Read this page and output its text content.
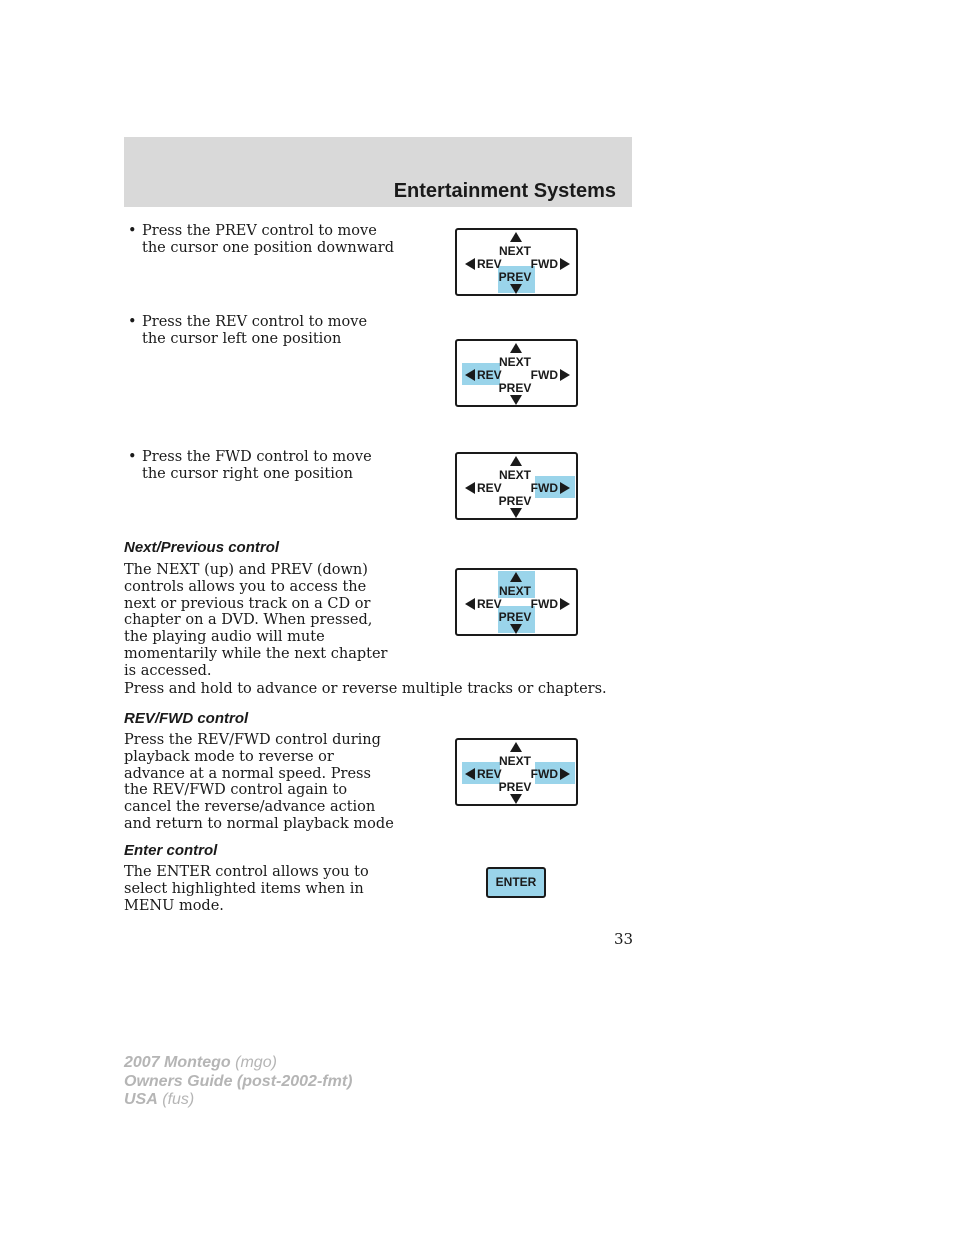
Entertainment Systems
• Press the PREV control to move
the cursor one position downward	NEXT
PREV
REV FWD
• Press the REV control to move
the cursor left one position
NEXT
PREV
REV FWD
• Press the FWD control to move
the cursor right one position	NEXT
PREV
REV FWD
Next/Previous control
The NEXT (up) and PREV (down)
controls allows you to access the
next or previous track on a CD or
chapter on a DVD. When pressed,
the playing audio will mute
momentarily while the next chapter
is accessed.
Press and hold to advance or reverse multiple tracks or chapters.
NEXT
PREV
REV FWD
REV/FWD control
Press the REV/FWD control during
playback mode to reverse or
advance at a normal speed. Press
the REV/FWD control again to
cancel the reverse/advance action
and return to normal playback mode
NEXT
PREV
REV FWD
Enter control
The ENTER control allows you to
select highlighted items when in
MENU mode.
ENTER
33
2007 Montego (mgo)
Owners Guide (post-2002-fmt)
USA (fus)
